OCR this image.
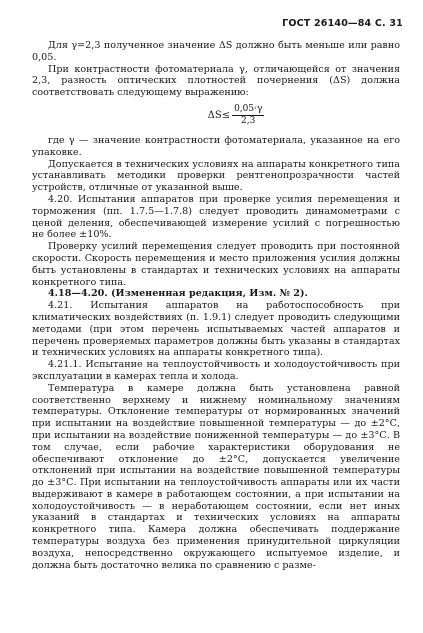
ГОСТ 26140—84 С. 31

Для γ=2,3 полученное значение ΔS должно быть меньше или равно 0,05.

При контрастности фотоматериала γ, отличающейся от значения 2,3, разность оптических плотностей почернения (ΔS) должна соответствовать следующему выражению:

$\Delta S\le \frac{0,05\cdot\gamma}{2,3}$

где γ — значение контрастности фотоматериала, указанное на его упаковке.

Допускается в технических условиях на аппараты конкретного типа устанавливать методики проверки рентгенопрозрачности частей устройств, отличные от указанной выше.

4.20. Испытания аппаратов при проверке усилия перемещения и торможения (пп. 1.7.5—1.7.8) следует проводить динамометрами с ценой деления, обеспечивающей измерение усилий с погрешностью не более ±10%.

Проверку усилий перемещения следует проводить при постоянной скорости. Скорость перемещения и место приложения усилия должны быть установлены в стандартах и технических условиях на аппараты конкретного типа.

4.18—4.20. (Измененная редакция, Изм. № 2).

4.21. Испытания аппаратов на работоспособность при климатических воздействиях (п. 1.9.1) следует проводить следующими методами (при этом перечень испытываемых частей аппаратов и перечень проверяемых параметров должны быть указаны в стандартах и технических условиях на аппараты конкретного типа).

4.21.1. Испытание на теплоустойчивость и холодоустойчивость при эксплуатации в камерах тепла и холода.

Температура в камере должна быть установлена равной соответственно верхнему и нижнему номинальному значениям температуры. Отклонение температуры от нормированных значений при испытании на воздействие повышенной температуры — до ±2°С, при испытании на воздействие пониженной температуры — до ±3°С. В том случае, если рабочие характеристики оборудования не обеспечивают отклонение до ±2°С, допускается увеличение отклонений при испытании на воздействие повышенной температуры до ±3°С. При испытании на теплоустойчивость аппараты или их части выдерживают в камере в работающем состоянии, а при испытании на холодоустойчивость — в неработающем состоянии, если нет иных указаний в стандартах и технических условиях на аппараты конкретного типа. Камера должна обеспечивать поддержание температуры воздуха без применения принудительной циркуляции воздуха, непосредственно окружающего испытуемое изделие, и должна быть достаточно велика по сравнению с разме-
